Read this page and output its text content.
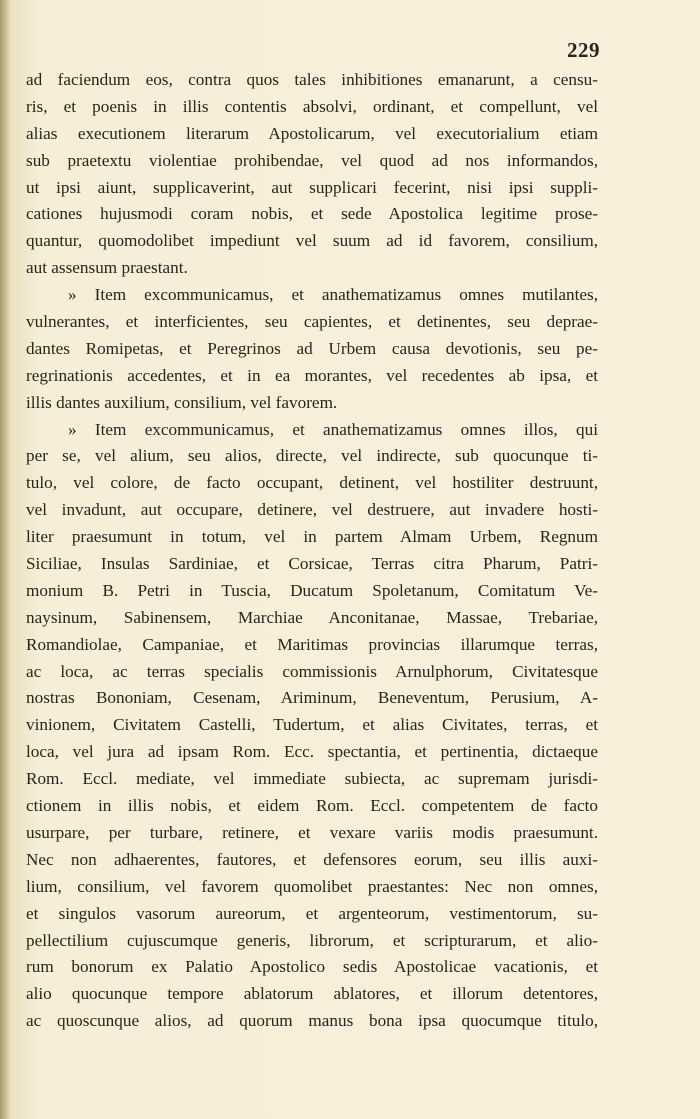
229
ad faciendum eos, contra quos tales inhibitiones emanarunt, a censu-
ris, et poenis in illis contentis absolvi, ordinant, et compellunt, vel
alias executionem literarum Apostolicarum, vel executorialium etiam
sub praetextu violentiae prohibendae, vel quod ad nos informandos,
ut ipsi aiunt, supplicaverint, aut supplicari fecerint, nisi ipsi suppli-
cationes hujusmodi coram nobis, et sede Apostolica legitime prose-
quantur, quomodolibet impediunt vel suum ad id favorem, consilium,
aut assensum praestant.
» Item excommunicamus, et anathematizamus omnes mutilantes,
vulnerantes, et interficientes, seu capientes, et detinentes, seu deprae-
dantes Romipetas, et Peregrinos ad Urbem causa devotionis, seu pe-
regrinationis accedentes, et in ea morantes, vel recedentes ab ipsa, et
illis dantes auxilium, consilium, vel favorem.
» Item excommunicamus, et anathematizamus omnes illos, qui
per se, vel alium, seu alios, directe, vel indirecte, sub quocunque ti-
tulo, vel colore, de facto occupant, detinent, vel hostiliter destruunt,
vel invadunt, aut occupare, detinere, vel destruere, aut invadere hosti-
liter praesumunt in totum, vel in partem Almam Urbem, Regnum
Siciliae, Insulas Sardiniae, et Corsicae, Terras citra Pharum, Patri-
monium B. Petri in Tuscia, Ducatum Spoletanum, Comitatum Ve-
naysinum, Sabinensem, Marchiae Anconitanae, Massae, Trebariae,
Romandiolae, Campaniae, et Maritimas provincias illarumque terras,
ac loca, ac terras specialis commissionis Arnulphorum, Civitatesque
nostras Bononiam, Cesenam, Ariminum, Beneventum, Perusium, A-
vinionem, Civitatem Castelli, Tudertum, et alias Civitates, terras, et
loca, vel jura ad ipsam Rom. Ecc. spectantia, et pertinentia, dictaeque
Rom. Eccl. mediate, vel immediate subiecta, ac supremam jurisdi-
ctionem in illis nobis, et eidem Rom. Eccl. competentem de facto
usurpare, per turbare, retinere, et vexare variis modis praesumunt.
Nec non adhaerentes, fautores, et defensores eorum, seu illis auxi-
lium, consilium, vel favorem quomolibet praestantes: Nec non omnes,
et singulos vasorum aureorum, et argenteorum, vestimentorum, su-
pellectilium cujuscumque generis, librorum, et scripturarum, et alio-
rum bonorum ex Palatio Apostolico sedis Apostolicae vacationis, et
alio quocunque tempore ablatorum ablatores, et illorum detentores,
ac quoscunque alios, ad quorum manus bona ipsa quocumque titulo,
